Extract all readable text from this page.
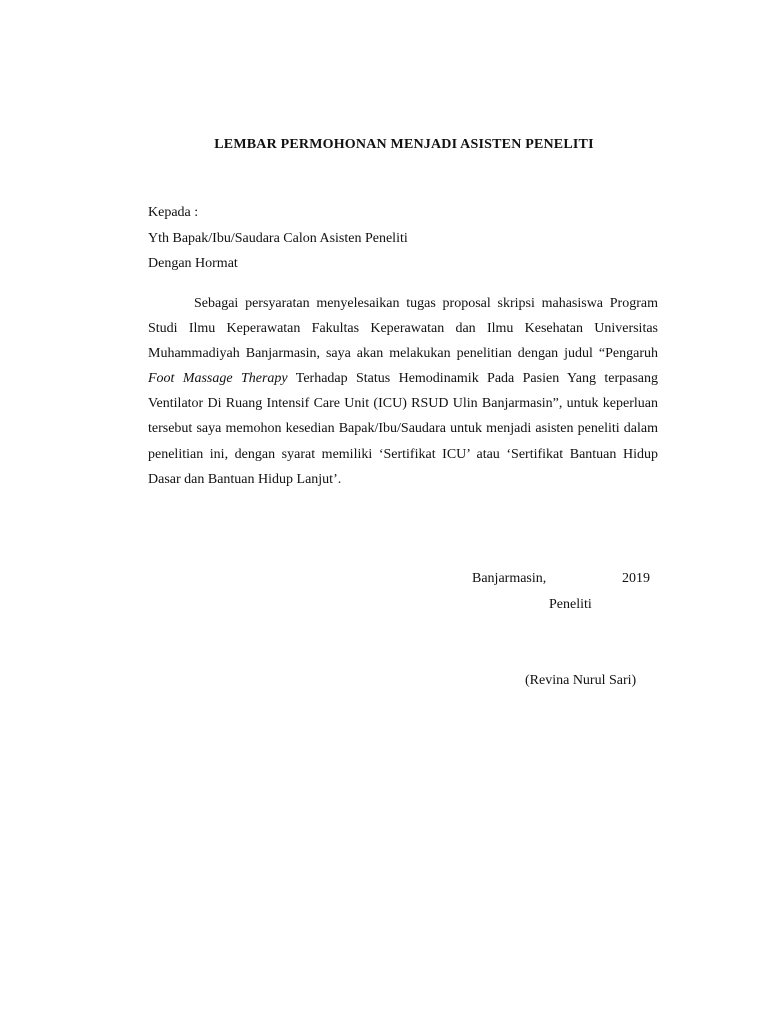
LEMBAR PERMOHONAN MENJADI ASISTEN PENELITI
Kepada :
Yth Bapak/Ibu/Saudara Calon Asisten Peneliti
Dengan Hormat

Sebagai persyaratan menyelesaikan tugas proposal skripsi mahasiswa Program Studi Ilmu Keperawatan Fakultas Keperawatan dan Ilmu Kesehatan Universitas Muhammadiyah Banjarmasin, saya akan melakukan penelitian dengan judul “Pengaruh Foot Massage Therapy Terhadap Status Hemodinamik Pada Pasien Yang terpasang Ventilator Di Ruang Intensif Care Unit (ICU) RSUD Ulin Banjarmasin”, untuk keperluan tersebut saya memohon kesedian Bapak/Ibu/Saudara untuk menjadi asisten peneliti dalam penelitian ini, dengan syarat memiliki ‘Sertifikat ICU’ atau ‘Sertifikat Bantuan Hidup Dasar dan Bantuan Hidup Lanjut’.

Banjarmasin,	2019
Peneliti
(Revina Nurul Sari)
